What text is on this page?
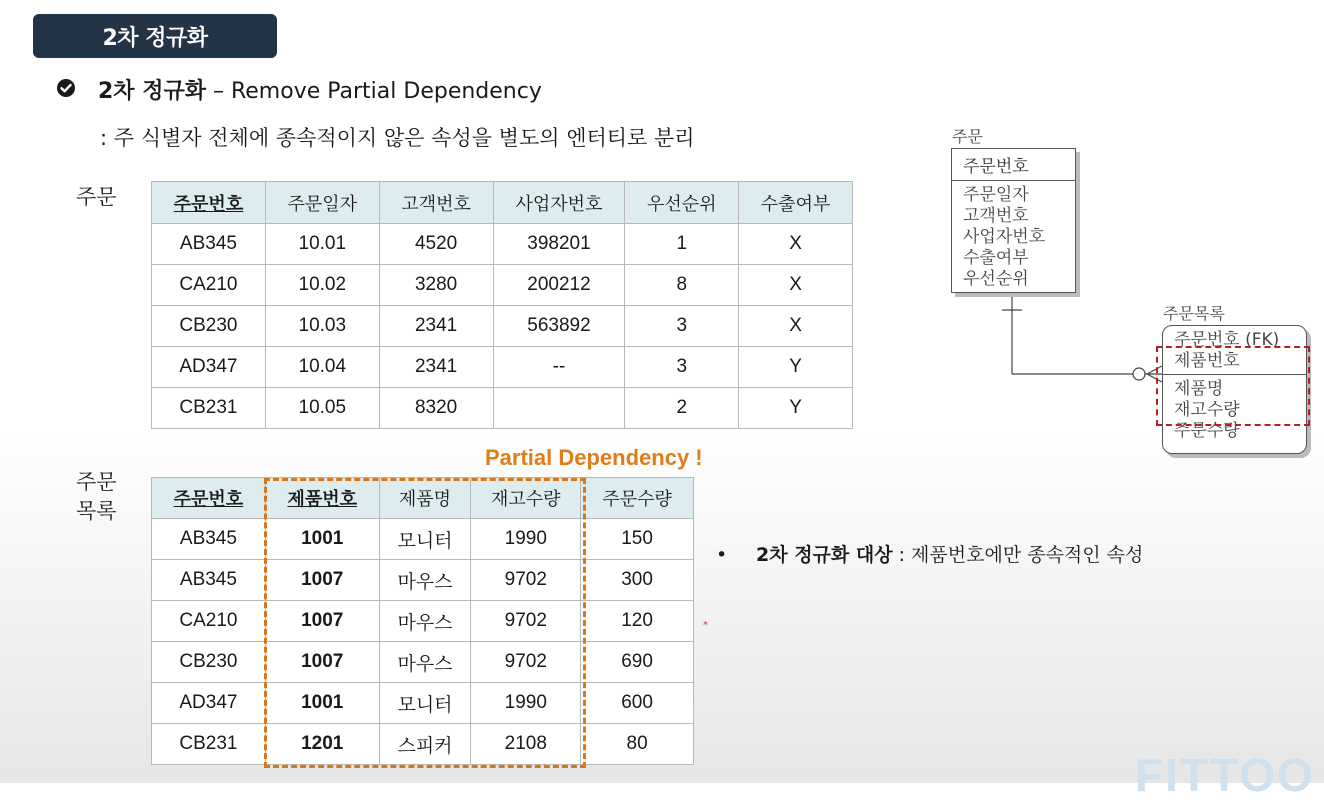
2차 정규화
2차 정규화 – Remove Partial Dependency
: 주 식별자 전체에 종속적이지 않은 속성을 별도의 엔터티로 분리
주문
주문
목록
주문번호	주문일자	고객번호	사업자번호	우선순위	수출여부
AB345	10.01	4520	398201	1	X
CA210	10.02	3280	200212	8	X
CB230	10.03	2341	563892	3	X
AD347	10.04	2341	--	3	Y
CB231	10.05	8320		2	Y
주문번호	제품번호	제품명	재고수량	주문수량
AB345	1001	모니터	1990	150
AB345	1007	마우스	9702	300
CA210	1007	마우스	9702	120
CB230	1007	마우스	9702	690
AD347	1001	모니터	1990	600
CB231	1201	스피커	2108	80
Partial Dependency !
• 2차 정규화 대상 : 제품번호에만 종속적인 속성
*
주문
주문번호
주문일자
고객번호
사업자번호
수출여부
우선순위
주문목록
주문번호 (FK)
제품번호
제품명
재고수량
주문수량
FITTOO
